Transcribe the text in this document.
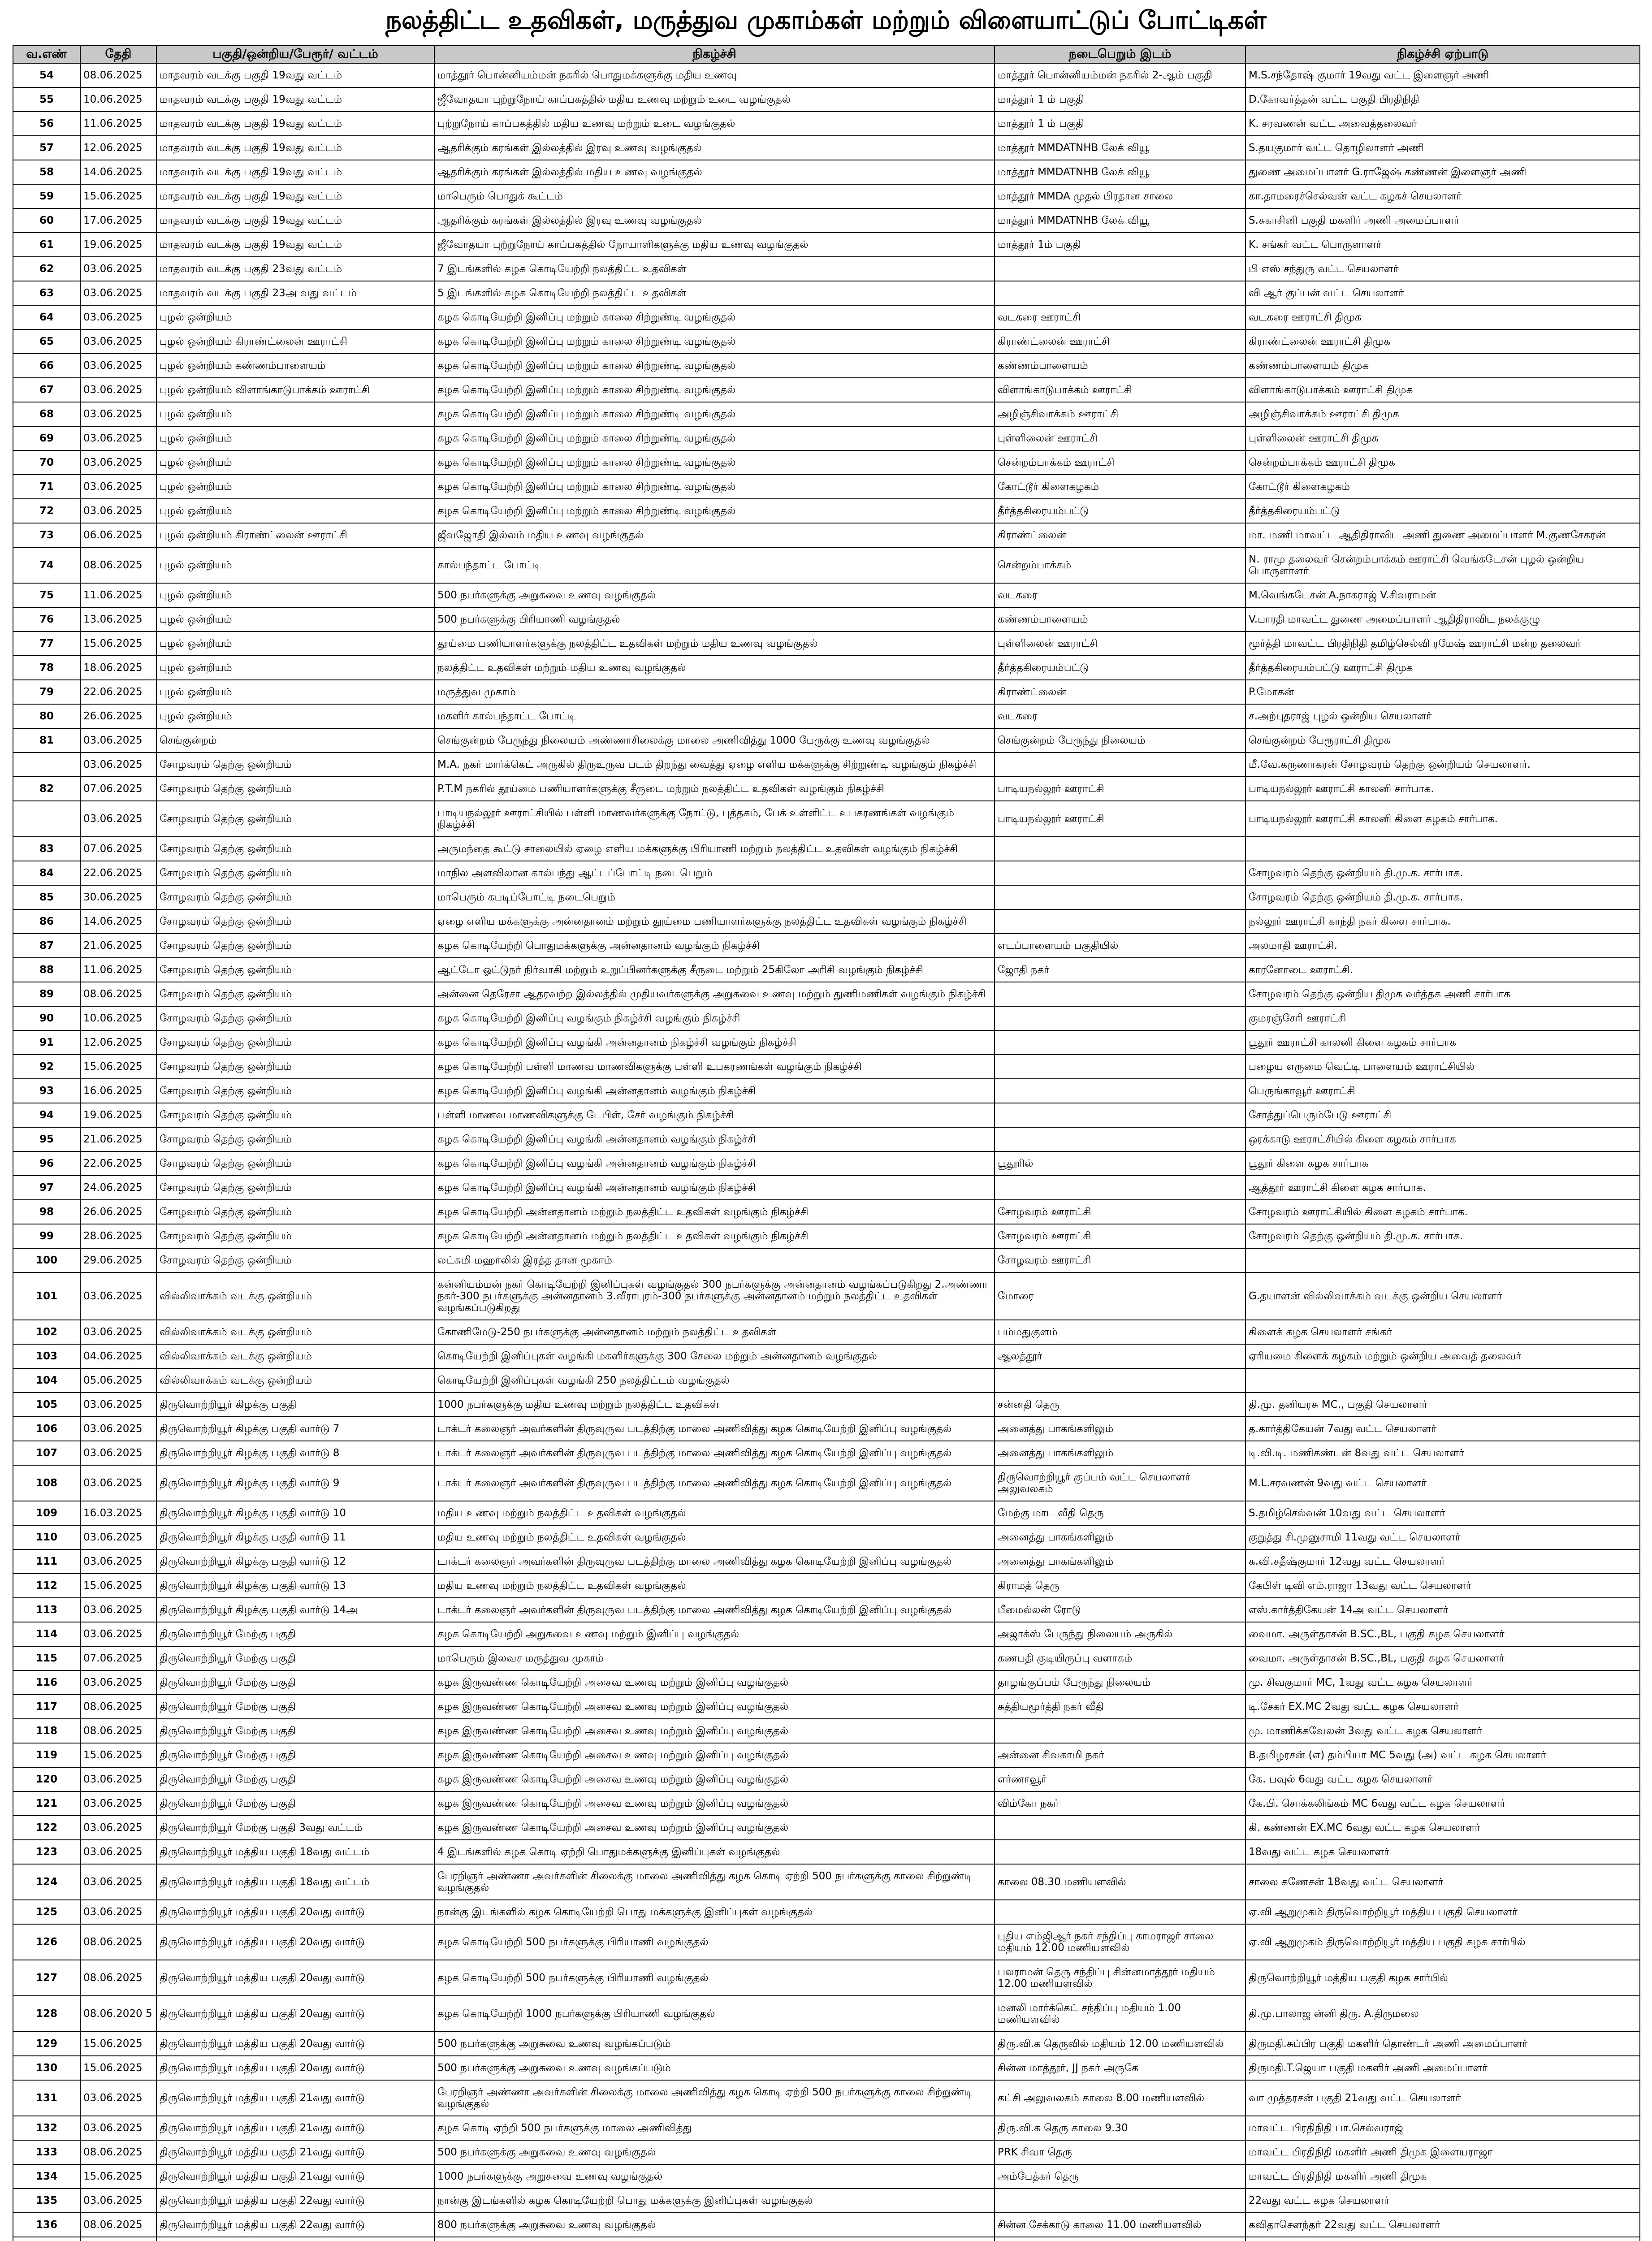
நலத்திட்ட உதவிகள், மருத்துவ முகாம்கள் மற்றும் விளையாட்டுப் போட்டிகள்
வ.எண்	தேதி	பகுதி/ஒன்றிய/பேரூர்/ வட்டம்	நிகழ்ச்சி	நடைபெறும் இடம்	நிகழ்ச்சி ஏற்பாடு
54	08.06.2025	மாதவரம் வடக்கு பகுதி 19வது வட்டம்	மாத்தூர் பொன்னியம்மன் நகரில் பொதுமக்களுக்கு மதிய உணவு	மாத்தூர் பொன்னியம்மன் நகரில் 2-ஆம் பகுதி	M.S.சந்தோஷ் குமார் 19வது வட்ட இளைஞர் அணி
55	10.06.2025	மாதவரம் வடக்கு பகுதி 19வது வட்டம்	ஜீவோதயா புற்றுநோய் காப்பகத்தில் மதிய உணவு மற்றும் உடை வழங்குதல்	மாத்தூர் 1 ம் பகுதி	D.கோவர்த்தன் வட்ட பகுதி பிரதிநிதி
56	11.06.2025	மாதவரம் வடக்கு பகுதி 19வது வட்டம்	புற்றுநோய் காப்பகத்தில் மதிய உணவு மற்றும் உடை வழங்குதல்	மாத்தூர் 1 ம் பகுதி	K. சரவணன் வட்ட அவைத்தலைவர்
57	12.06.2025	மாதவரம் வடக்கு பகுதி 19வது வட்டம்	ஆதரிக்கும் கரங்கள் இல்லத்தில் இரவு உணவு வழங்குதல்	மாத்தூர் MMDATNHB லேக் வியூ	S.தயகுமார் வட்ட தொழிலாளர் அணி
58	14.06.2025	மாதவரம் வடக்கு பகுதி 19வது வட்டம்	ஆதரிக்கும் கரங்கள் இல்லத்தில் மதிய உணவு வழங்குதல்	மாத்தூர் MMDATNHB லேக் வியூ	துணை அமைப்பாளர் G.ராஜேஷ் கண்ணன் இளைஞர் அணி
59	15.06.2025	மாதவரம் வடக்கு பகுதி 19வது வட்டம்	மாபெரும் பொதுக் கூட்டம்	மாத்தூர் MMDA முதல் பிரதான சாலை	கா.தாமரைச்செல்வன் வட்ட கழகச் செயலாளர்
60	17.06.2025	மாதவரம் வடக்கு பகுதி 19வது வட்டம்	ஆதரிக்கும் கரங்கள் இல்லத்தில் இரவு உணவு வழங்குதல்	மாத்தூர் MMDATNHB லேக் வியூ	S.சுகாசினி பகுதி மகளிர் அணி அமைப்பாளர்
61	19.06.2025	மாதவரம் வடக்கு பகுதி 19வது வட்டம்	ஜீவோதயா புற்றுநோய் காப்பகத்தில் நோயாளிகளுக்கு மதிய உணவு வழங்குதல்	மாத்தூர் 1ம் பகுதி	K. சங்கர் வட்ட பொருளாளர்
62	03.06.2025	மாதவரம் வடக்கு பகுதி 23வது வட்டம்	7 இடங்களில் கழக கொடியேற்றி நலத்திட்ட உதவிகள்		பி எஸ் சந்துரு வட்ட செயலாளர்
63	03.06.2025	மாதவரம் வடக்கு பகுதி 23அ வது வட்டம்	5 இடங்களில் கழக கொடியேற்றி நலத்திட்ட உதவிகள்		வி ஆர் குப்பன் வட்ட செயலாளர்
64	03.06.2025	புழல் ஒன்றியம்	கழக கொடியேற்றி இனிப்பு மற்றும் காலை சிற்றுண்டி வழங்குதல்	வடகரை ஊராட்சி	வடகரை ஊராட்சி திமுக
65	03.06.2025	புழல் ஒன்றியம் கிராண்ட்லைன் ஊராட்சி	கழக கொடியேற்றி இனிப்பு மற்றும் காலை சிற்றுண்டி வழங்குதல்	கிராண்ட்லைன் ஊராட்சி	கிராண்ட்லைன் ஊராட்சி திமுக
66	03.06.2025	புழல் ஒன்றியம் கண்ணம்பாளையம்	கழக கொடியேற்றி இனிப்பு மற்றும் காலை சிற்றுண்டி வழங்குதல்	கண்ணம்பாளையம்	கண்ணம்பாளையம் திமுக
67	03.06.2025	புழல் ஒன்றியம் விளாங்காடுபாக்கம் ஊராட்சி	கழக கொடியேற்றி இனிப்பு மற்றும் காலை சிற்றுண்டி வழங்குதல்	விளாங்காடுபாக்கம் ஊராட்சி	விளாங்காடுபாக்கம் ஊராட்சி திமுக
68	03.06.2025	புழல் ஒன்றியம்	கழக கொடியேற்றி இனிப்பு மற்றும் காலை சிற்றுண்டி வழங்குதல்	அழிஞ்சிவாக்கம் ஊராட்சி	அழிஞ்சிவாக்கம் ஊராட்சி திமுக
69	03.06.2025	புழல் ஒன்றியம்	கழக கொடியேற்றி இனிப்பு மற்றும் காலை சிற்றுண்டி வழங்குதல்	புள்ளிலைன் ஊராட்சி	புள்ளிலைன் ஊராட்சி திமுக
70	03.06.2025	புழல் ஒன்றியம்	கழக கொடியேற்றி இனிப்பு மற்றும் காலை சிற்றுண்டி வழங்குதல்	சென்றம்பாக்கம் ஊராட்சி	சென்றம்பாக்கம் ஊராட்சி திமுக
71	03.06.2025	புழல் ஒன்றியம்	கழக கொடியேற்றி இனிப்பு மற்றும் காலை சிற்றுண்டி வழங்குதல்	கோட்டூர் கிளைகழகம்	கோட்டூர் கிளைகழகம்
72	03.06.2025	புழல் ஒன்றியம்	கழக கொடியேற்றி இனிப்பு மற்றும் காலை சிற்றுண்டி வழங்குதல்	தீர்த்தகிரையம்பட்டு	தீர்த்தகிரையம்பட்டு
73	06.06.2025	புழல் ஒன்றியம் கிராண்ட்லைன் ஊராட்சி	ஜீவஜோதி இல்லம் மதிய உணவு வழங்குதல்	கிராண்ட்லைன்	மா. மணி மாவட்ட ஆதிதிராவிட அணி துணை அமைப்பாளர் M.குணசேகரன்
74	08.06.2025	புழல் ஒன்றியம்	கால்பந்தாட்ட போட்டி	சென்றம்பாக்கம்	N. ராமு தலைவர் சென்றம்பாக்கம் ஊராட்சி வெங்கடேசன் புழல் ஒன்றிய பொருளாளர்
75	11.06.2025	புழல் ஒன்றியம்	500 நபர்களுக்கு அறுசுவை உணவு வழங்குதல்	வடகரை	M.வெங்கடேசன் A.நாகராஜ் V.சிவராமன்
76	13.06.2025	புழல் ஒன்றியம்	500 நபர்களுக்கு பிரியாணி வழங்குதல்	கண்ணம்பாளையம்	V.பாரதி மாவட்ட துணை அமைப்பாளர் ஆதிதிராவிட நலக்குழு
77	15.06.2025	புழல் ஒன்றியம்	தூய்மை பணியாளர்களுக்கு நலத்திட்ட உதவிகள் மற்றும் மதிய உணவு வழங்குதல்	புள்ளிலைன் ஊராட்சி	மூர்த்தி மாவட்ட பிரதிநிதி தமிழ்செல்வி ரமேஷ் ஊராட்சி மன்ற தலைவர்
78	18.06.2025	புழல் ஒன்றியம்	நலத்திட்ட உதவிகள் மற்றும் மதிய உணவு வழங்குதல்	தீர்த்தகிரையம்பட்டு	தீர்த்தகிரையம்பட்டு ஊராட்சி திமுக
79	22.06.2025	புழல் ஒன்றியம்	மருத்துவ முகாம்	கிராண்ட்லைன்	P.மோகன்
80	26.06.2025	புழல் ஒன்றியம்	மகளிர் கால்பந்தாட்ட போட்டி	வடகரை	ச.அற்புதராஜ் புழல் ஒன்றிய செயலாளர்
81	03.06.2025	செங்குன்றம்	செங்குன்றம் பேருந்து நிலையம் அண்ணாசிலைக்கு மாலை அணிவித்து 1000 பேருக்கு உணவு வழங்குதல்	செங்குன்றம் பேருந்து நிலையம்	செங்குன்றம் பேரூராட்சி திமுக
	03.06.2025	சோழவரம் தெற்கு ஒன்றியம்	M.A. நகர் மார்க்கெட் அருகில் திருஉருவ படம் திறந்து வைத்து ஏழை எளிய மக்களுக்கு சிற்றுண்டி வழங்கும் நிகழ்ச்சி		மீ.வே.கருணாகரன் சோழவரம் தெற்கு ஒன்றியம் செயலாளர்.
82	07.06.2025	சோழவரம் தெற்கு ஒன்றியம்	P.T.M நகரில் தூய்மை பணியாளர்களுக்கு சீருடை மற்றும் நலத்திட்ட உதவிகள் வழங்கும் நிகழ்ச்சி	பாடியநல்லூர் ஊராட்சி	பாடியநல்லூர் ஊராட்சி காலனி சார்பாக.
	03.06.2025	சோழவரம் தெற்கு ஒன்றியம்	பாடியநல்லூர் ஊராட்சியில் பள்ளி மாணவர்களுக்கு நோட்டு, புத்தகம், பேக் உள்ளிட்ட உபகரணங்கள் வழங்கும் நிகழ்ச்சி	பாடியநல்லூர் ஊராட்சி	பாடியநல்லூர் ஊராட்சி காலனி கிளை கழகம் சார்பாக.
83	07.06.2025	சோழவரம் தெற்கு ஒன்றியம்	அருமந்தை கூட்டு சாலையில் ஏழை எளிய மக்களுக்கு பிரியாணி மற்றும் நலத்திட்ட உதவிகள் வழங்கும் நிகழ்ச்சி		
84	22.06.2025	சோழவரம் தெற்கு ஒன்றியம்	மாநில அளவிலான கால்பந்து ஆட்டப்போட்டி நடைபெறும்		சோழவரம் தெற்கு ஒன்றியம் தி.மு.க. சார்பாக.
85	30.06.2025	சோழவரம் தெற்கு ஒன்றியம்	மாபெரும் கபடிப்போட்டி நடைபெறும்		சோழவரம் தெற்கு ஒன்றியம் தி.மு.க. சார்பாக.
86	14.06.2025	சோழவரம் தெற்கு ஒன்றியம்	ஏழை எளிய மக்களுக்கு அன்னதானம் மற்றும் தூய்மை பணியாளர்களுக்கு நலத்திட்ட உதவிகள் வழங்கும் நிகழ்ச்சி		நல்லூர் ஊராட்சி காந்தி நகர் கிளை சார்பாக.
87	21.06.2025	சோழவரம் தெற்கு ஒன்றியம்	கழக கொடியேற்றி பொதுமக்களுக்கு அன்னதானம் வழங்கும் நிகழ்ச்சி	எடப்பாளையம் பகுதியில்	அலமாதி ஊராட்சி.
88	11.06.2025	சோழவரம் தெற்கு ஒன்றியம்	ஆட்டோ ஓட்டுநர் நிர்வாகி மற்றும் உறுப்பினர்களுக்கு சீருடை மற்றும் 25கிலோ அரிசி வழங்கும் நிகழ்ச்சி	ஜோதி நகர்	காரனோடை ஊராட்சி.
89	08.06.2025	சோழவரம் தெற்கு ஒன்றியம்	அன்னை தெரேசா ஆதரவற்ற இல்லத்தில் முதியவர்களுக்கு அறுசுவை உணவு மற்றும் துணிமணிகள் வழங்கும் நிகழ்ச்சி		சோழவரம் தெற்கு ஒன்றிய திமுக வர்த்தக அணி சார்பாக
90	10.06.2025	சோழவரம் தெற்கு ஒன்றியம்	கழக கொடியேற்றி இனிப்பு வழங்கும் நிகழ்ச்சி வழங்கும் நிகழ்ச்சி		குமரஞ்சேரி ஊராட்சி
91	12.06.2025	சோழவரம் தெற்கு ஒன்றியம்	கழக கொடியேற்றி இனிப்பு வழங்கி அன்னதானம் நிகழ்ச்சி வழங்கும் நிகழ்ச்சி		பூதூர் ஊராட்சி காலனி கிளை கழகம் சார்பாக
92	15.06.2025	சோழவரம் தெற்கு ஒன்றியம்	கழக கொடியேற்றி பள்ளி மாணவ மாணவிகளுக்கு பள்ளி உபகரணங்கள் வழங்கும் நிகழ்ச்சி		பழைய எருமை வெட்டி பாளையம் ஊராட்சியில்
93	16.06.2025	சோழவரம் தெற்கு ஒன்றியம்	கழக கொடியேற்றி இனிப்பு வழங்கி அன்னதானம் வழங்கும் நிகழ்ச்சி		பெருங்காவூர் ஊராட்சி
94	19.06.2025	சோழவரம் தெற்கு ஒன்றியம்	பள்ளி மாணவ மாணவிகளுக்கு டேபிள், சேர் வழங்கும் நிகழ்ச்சி		சோத்துப்பெரும்பேடு ஊராட்சி
95	21.06.2025	சோழவரம் தெற்கு ஒன்றியம்	கழக கொடியேற்றி இனிப்பு வழங்கி அன்னதானம் வழங்கும் நிகழ்ச்சி		ஒரக்காடு ஊராட்சியில் கிளை கழகம் சார்பாக
96	22.06.2025	சோழவரம் தெற்கு ஒன்றியம்	கழக கொடியேற்றி இனிப்பு வழங்கி அன்னதானம் வழங்கும் நிகழ்ச்சி	பூதூரில்	பூதூர் கிளை கழக சார்பாக
97	24.06.2025	சோழவரம் தெற்கு ஒன்றியம்	கழக கொடியேற்றி இனிப்பு வழங்கி அன்னதானம் வழங்கும் நிகழ்ச்சி		ஆத்தூர் ஊராட்சி கிளை கழக சார்பாக.
98	26.06.2025	சோழவரம் தெற்கு ஒன்றியம்	கழக கொடியேற்றி அன்னதானம் மற்றும் நலத்திட்ட உதவிகள் வழங்கும் நிகழ்ச்சி	சோழவரம் ஊராட்சி	சோழவரம் ஊராட்சியில் கிளை கழகம் சார்பாக.
99	28.06.2025	சோழவரம் தெற்கு ஒன்றியம்	கழக கொடியேற்றி அன்னதானம் மற்றும் நலத்திட்ட உதவிகள் வழங்கும் நிகழ்ச்சி	சோழவரம் ஊராட்சி	சோழவரம் தெற்கு ஒன்றியம் தி.மு.க. சார்பாக.
100	29.06.2025	சோழவரம் தெற்கு ஒன்றியம்	லட்சுமி மஹாலில் இரத்த தான முகாம்	சோழவரம் ஊராட்சி	
101	03.06.2025	வில்லிவாக்கம் வடக்கு ஒன்றியம்	கன்னியம்மன் நகர் கொடியேற்றி இனிப்புகள் வழங்குதல் 300 நபர்களுக்கு அன்னதானம் வழங்கப்படுகிறது 2.அண்ணா நகர்-300 நபர்களுக்கு அன்னதானம் 3.வீராபுரம்-300 நபர்களுக்கு அன்னதானம் மற்றும் நலத்திட்ட உதவிகள் வழங்கப்படுகிறது	மோரை	G.தயாளன் வில்லிவாக்கம் வடக்கு ஒன்றிய செயலாளர்
102	03.06.2025	வில்லிவாக்கம் வடக்கு ஒன்றியம்	கோணிமேடு-250 நபர்களுக்கு அன்னதானம் மற்றும் நலத்திட்ட உதவிகள்	பம்மதுகுளம்	கிளைக் கழக செயலாளர் சங்கர்
103	04.06.2025	வில்லிவாக்கம் வடக்கு ஒன்றியம்	கொடியேற்றி இனிப்புகள் வழங்கி மகளிர்களுக்கு 300 சேலை மற்றும் அன்னதானம் வழங்குதல்	ஆலத்தூர்	ஏரியமை கிளைக் கழகம் மற்றும் ஒன்றிய அவைத் தலைவர்
104	05.06.2025	வில்லிவாக்கம் வடக்கு ஒன்றியம்	கொடியேற்றி இனிப்புகள் வழங்கி 250 நலத்திட்டம் வழங்குதல்		
105	03.06.2025	திருவொற்றியூர் கிழக்கு பகுதி	1000 நபர்களுக்கு மதிய உணவு மற்றும் நலத்திட்ட உதவிகள்	சன்னதி தெரு	தி.மு. தனியரசு MC., பகுதி செயலாளர்
106	03.06.2025	திருவொற்றியூர் கிழக்கு பகுதி வார்டு 7	டாக்டர் கலைஞர் அவர்களின் திருவுருவ படத்திற்கு மாலை அணிவித்து கழக கொடியேற்றி இனிப்பு வழங்குதல்	அனைத்து பாகங்களிலும்	த.கார்த்திகேயன் 7வது வட்ட செயலாளர்
107	03.06.2025	திருவொற்றியூர் கிழக்கு பகுதி வார்டு 8	டாக்டர் கலைஞர் அவர்களின் திருவுருவ படத்திற்கு மாலை அணிவித்து கழக கொடியேற்றி இனிப்பு வழங்குதல்	அனைத்து பாகங்களிலும்	டி.வி.டி. மணிகண்டன் 8வது வட்ட செயலாளர்
108	03.06.2025	திருவொற்றியூர் கிழக்கு பகுதி வார்டு 9	டாக்டர் கலைஞர் அவர்களின் திருவுருவ படத்திற்கு மாலை அணிவித்து கழக கொடியேற்றி இனிப்பு வழங்குதல்	திருவொற்றியூர் குப்பம் வட்ட செயலாளர் அலுவலகம்	M.L.சரவணன் 9வது வட்ட செயலாளர்
109	16.03.2025	திருவொற்றியூர் கிழக்கு பகுதி வார்டு 10	மதிய உணவு மற்றும் நலத்திட்ட உதவிகள் வழங்குதல்	மேற்கு மாட வீதி தெரு	S.தமிழ்செல்வன் 10வது வட்ட செயலாளர்
110	03.06.2025	திருவொற்றியூர் கிழக்கு பகுதி வார்டு 11	மதிய உணவு மற்றும் நலத்திட்ட உதவிகள் வழங்குதல்	அனைத்து பாகங்களிலும்	குறுத்து சி.முனுசாமி 11வது வட்ட செயலாளர்
111	03.06.2025	திருவொற்றியூர் கிழக்கு பகுதி வார்டு 12	டாக்டர் கலைஞர் அவர்களின் திருவுருவ படத்திற்கு மாலை அணிவித்து கழக கொடியேற்றி இனிப்பு வழங்குதல்	அனைத்து பாகங்களிலும்	க.வி.சதீஷ்குமார் 12வது வட்ட செயலாளர்
112	15.06.2025	திருவொற்றியூர் கிழக்கு பகுதி வார்டு 13	மதிய உணவு மற்றும் நலத்திட்ட உதவிகள் வழங்குதல்	கிராமத் தெரு	கேபிள் டிவி எம்.ராஜா 13வது வட்ட செயலாளர்
113	03.06.2025	திருவொற்றியூர் கிழக்கு பகுதி வார்டு 14அ	டாக்டர் கலைஞர் அவர்களின் திருவுருவ படத்திற்கு மாலை அணிவித்து கழக கொடியேற்றி இனிப்பு வழங்குதல்	பீமைல்லன் ரோடு	எஸ்.கார்த்திகேயன் 14அ வட்ட செயலாளர்
114	03.06.2025	திருவொற்றியூர் மேற்கு பகுதி	கழக கொடியேற்றி அறுசுவை உணவு மற்றும் இனிப்பு வழங்குதல்	அஜாக்ஸ் பேருந்து நிலையம் அருகில்	வைமா. அருள்தாசன் B.SC.,BL, பகுதி கழக செயலாளர்
115	07.06.2025	திருவொற்றியூர் மேற்கு பகுதி	மாபெரும் இலவச மருத்துவ முகாம்	கணபதி குடியிருப்பு வளாகம்	வைமா. அருள்தாசன் B.SC.,BL, பகுதி கழக செயலாளர்
116	03.06.2025	திருவொற்றியூர் மேற்கு பகுதி	கழக இருவண்ண கொடியேற்றி அசைவ உணவு மற்றும் இனிப்பு வழங்குதல்	தாழங்குப்பம் பேருந்து நிலையம்	மு. சிவகுமார் MC, 1வது வட்ட கழக செயலாளர்
117	08.06.2025	திருவொற்றியூர் மேற்கு பகுதி	கழக இருவண்ண கொடியேற்றி அசைவ உணவு மற்றும் இனிப்பு வழங்குதல்	சுத்தியமூர்த்தி நகர் வீதி	டி.சேகர் EX.MC 2வது வட்ட கழக செயலாளர்
118	08.06.2025	திருவொற்றியூர் மேற்கு பகுதி	கழக இருவண்ண கொடியேற்றி அசைவ உணவு மற்றும் இனிப்பு வழங்குதல்		மு. மாணிக்கவேலன் 3வது வட்ட கழக செயலாளர்
119	15.06.2025	திருவொற்றியூர் மேற்கு பகுதி	கழக இருவண்ண கொடியேற்றி அசைவ உணவு மற்றும் இனிப்பு வழங்குதல்	அன்னை சிவகாமி நகர்	B.தமிழரசன் (எ) தம்பியா MC 5வது (அ) வட்ட கழக செயலாளர்
120	03.06.2025	திருவொற்றியூர் மேற்கு பகுதி	கழக இருவண்ண கொடியேற்றி அசைவ உணவு மற்றும் இனிப்பு வழங்குதல்	எர்ணாவூர்	கே. பவுல் 6வது வட்ட கழக செயலாளர்
121	03.06.2025	திருவொற்றியூர் மேற்கு பகுதி	கழக இருவண்ண கொடியேற்றி அசைவ உணவு மற்றும் இனிப்பு வழங்குதல்	விம்கோ நகர்	கே.பி. சொக்கலிங்கம் MC 6வது வட்ட கழக செயலாளர்
122	03.06.2025	திருவொற்றியூர் மேற்கு பகுதி 3வது வட்டம்	கழக இருவண்ண கொடியேற்றி அசைவ உணவு மற்றும் இனிப்பு வழங்குதல்		கி. கண்ணன் EX.MC 6வது வட்ட கழக செயலாளர்
123	03.06.2025	திருவொற்றியூர் மத்திய பகுதி 18வது வட்டம்	4 இடங்களில் கழக கொடி ஏற்றி பொதுமக்களுக்கு இனிப்புகள் வழங்குதல்		18வது வட்ட கழக செயலாளர்
124	03.06.2025	திருவொற்றியூர் மத்திய பகுதி 18வது வட்டம்	பேரறிஞர் அண்ணா அவர்களின் சிலைக்கு மாலை அணிவித்து கழக கொடி ஏற்றி 500 நபர்களுக்கு காலை சிற்றுண்டி வழங்குதல்	காலை 08.30 மணியளவில்	சாலை கணேசன் 18வது வட்ட செயலாளர்
125	03.06.2025	திருவொற்றியூர் மத்திய பகுதி 20வது வார்டு	நான்கு இடங்களில் கழக கொடியேற்றி பொது மக்களுக்கு இனிப்புகள் வழங்குதல்		ஏ.வி ஆறுமுகம் திருவொற்றியூர் மத்திய பகுதி செயலாளர்
126	08.06.2025	திருவொற்றியூர் மத்திய பகுதி 20வது வார்டு	கழக கொடியேற்றி 500 நபர்களுக்கு பிரியாணி வழங்குதல்	புதிய எம்ஜிஆர் நகர் சந்திப்பு காமராஜர் சாலை மதியம் 12.00 மணியளவில்	ஏ.வி ஆறுமுகம் திருவொற்றியூர் மத்திய பகுதி கழக சார்பில்
127	08.06.2025	திருவொற்றியூர் மத்திய பகுதி 20வது வார்டு	கழக கொடியேற்றி 500 நபர்களுக்கு பிரியாணி வழங்குதல்	பலராமன் தெரு சந்திப்பு சின்னமாத்தூர் மதியம் 12.00 மணியளவில்	திருவொற்றியூர் மத்திய பகுதி கழக சார்பில்
128	08.06.2020 5	திருவொற்றியூர் மத்திய பகுதி 20வது வார்டு	கழக கொடியேற்றி 1000 நபர்களுக்கு பிரியாணி வழங்குதல்	மனலி மார்க்கெட் சந்திப்பு மதியம் 1.00 மணியளவில்	தி.மு.பாலாஜ ன்னி திரு. A.திருமலை
129	15.06.2025	திருவொற்றியூர் மத்திய பகுதி 20வது வார்டு	500 நபர்களுக்கு அறுசுவை உணவு வழங்கப்படும்	திரு.வி.க தெருவில் மதியம் 12.00 மணியளவில்	திருமதி.சுப்பிர பகுதி மகளிர் தொண்டர் அணி அமைப்பாளர்
130	15.06.2025	திருவொற்றியூர் மத்திய பகுதி 20வது வார்டு	500 நபர்களுக்கு அறுசுவை உணவு வழங்கப்படும்	சின்ன மாத்தூர், JJ நகர் அருகே	திருமதி.T.ஜெயா பகுதி மகளிர் அணி அமைப்பாளர்
131	03.06.2025	திருவொற்றியூர் மத்திய பகுதி 21வது வார்டு	பேரறிஞர் அண்ணா அவர்களின் சிலைக்கு மாலை அணிவித்து கழக கொடி ஏற்றி 500 நபர்களுக்கு காலை சிற்றுண்டி வழங்குதல்	கட்சி அலுவலகம் காலை 8.00 மணியளவில்	வா முத்தரசன் பகுதி 21வது வட்ட செயலாளர்
132	03.06.2025	திருவொற்றியூர் மத்திய பகுதி 21வது வார்டு	கழக கொடி ஏற்றி 500 நபர்களுக்கு மாலை அணிவித்து	திரு.வி.க தெரு காலை 9.30	மாவட்ட பிரதிநிதி பா.செல்வராஜ்
133	08.06.2025	திருவொற்றியூர் மத்திய பகுதி 21வது வார்டு	500 நபர்களுக்கு அறுசுவை உணவு வழங்குதல்	PRK சிவா தெரு	மாவட்ட பிரதிநிதி மகளிர் அணி திமுக இளையராஜா
134	15.06.2025	திருவொற்றியூர் மத்திய பகுதி 21வது வார்டு	1000 நபர்களுக்கு அறுசுவை உணவு வழங்குதல்	அம்பேத்கர் தெரு	மாவட்ட பிரதிநிதி மகளிர் அணி திமுக
135	03.06.2025	திருவொற்றியூர் மத்திய பகுதி 22வது வார்டு	நான்கு இடங்களில் கழக கொடியேற்றி பொது மக்களுக்கு இனிப்புகள் வழங்குதல்		22வது வட்ட கழக செயலாளர்
136	08.06.2025	திருவொற்றியூர் மத்திய பகுதி 22வது வார்டு	800 நபர்களுக்கு அறுசுவை உணவு வழங்குதல்	சின்ன சேக்காடு காலை 11.00 மணியளவில்	கவிதாசௌந்தர் 22வது வட்ட செயலாளர்
